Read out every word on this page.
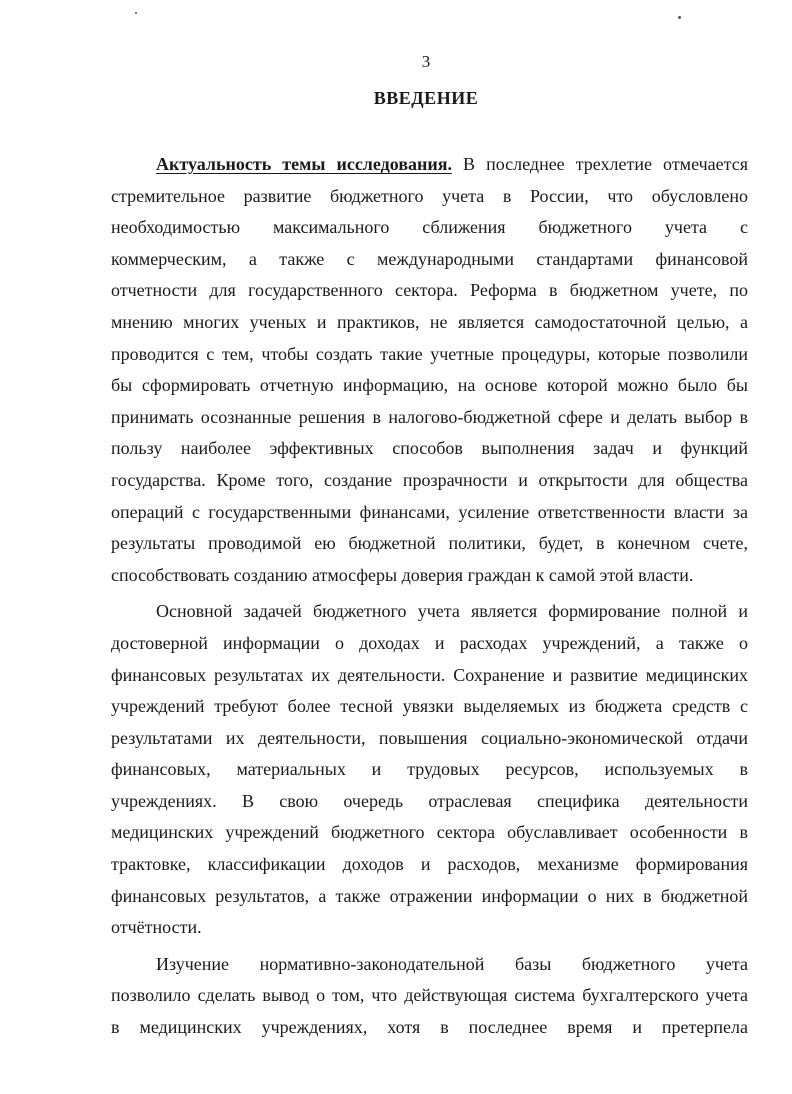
3
ВВЕДЕНИЕ
Актуальность темы исследования. В последнее трехлетие отмечается
стремительное развитие бюджетного учета в России, что обусловлено
необходимостью максимального сближения бюджетного учета с
коммерческим, а также с международными стандартами финансовой
отчетности для государственного сектора. Реформа в бюджетном учете, по
мнению многих ученых и практиков, не является самодостаточной целью, а
проводится с тем, чтобы создать такие учетные процедуры, которые позволили
бы сформировать отчетную информацию, на основе которой можно было бы
принимать осознанные решения в налогово-бюджетной сфере и делать выбор в
пользу наиболее эффективных способов выполнения задач и функций
государства. Кроме того, создание прозрачности и открытости для общества
операций с государственными финансами, усиление ответственности власти за
результаты проводимой ею бюджетной политики, будет, в конечном счете,
способствовать созданию атмосферы доверия граждан к самой этой власти.
Основной задачей бюджетного учета является формирование полной и
достоверной информации о доходах и расходах учреждений, а также о
финансовых результатах их деятельности. Сохранение и развитие медицинских
учреждений требуют более тесной увязки выделяемых из бюджета средств с
результатами их деятельности, повышения социально-экономической отдачи
финансовых, материальных и трудовых ресурсов, используемых в
учреждениях. В свою очередь отраслевая специфика деятельности
медицинских учреждений бюджетного сектора обуславливает особенности в
трактовке, классификации доходов и расходов, механизме формирования
финансовых результатов, а также отражении информации о них в бюджетной
отчётности.
Изучение нормативно-законодательной базы бюджетного учета
позволило сделать вывод о том, что действующая система бухгалтерского учета
в медицинских учреждениях, хотя в последнее время и претерпела
